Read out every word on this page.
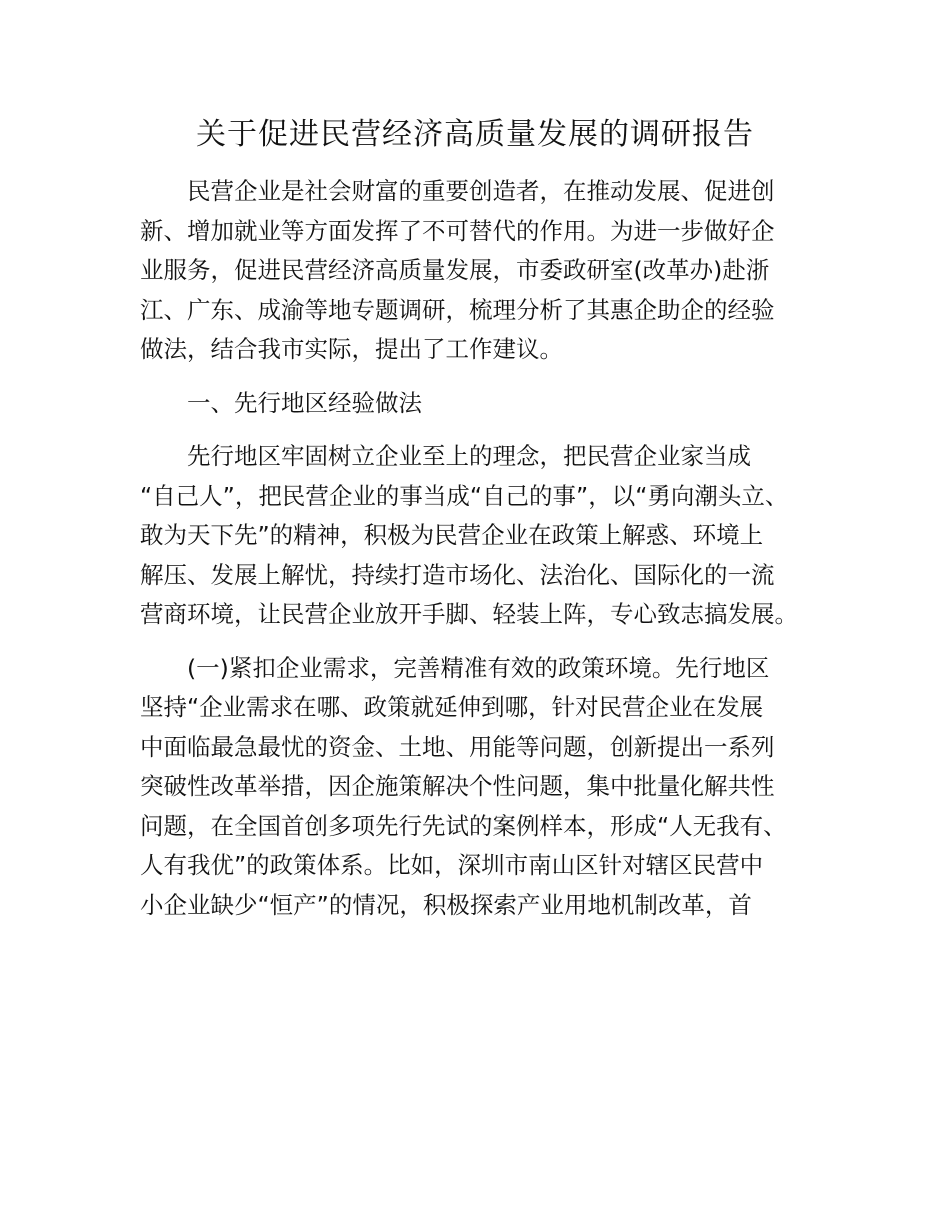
关于促进民营经济高质量发展的调研报告

民营企业是社会财富的重要创造者，在推动发展、促进创
新、增加就业等方面发挥了不可替代的作用。为进一步做好企
业服务，促进民营经济高质量发展，市委政研室(改革办)赴浙
江、广东、成渝等地专题调研，梳理分析了其惠企助企的经验
做法，结合我市实际，提出了工作建议。

一、先行地区经验做法

先行地区牢固树立企业至上的理念，把民营企业家当成
“自己人”，把民营企业的事当成“自己的事”，以“勇向潮头立、
敢为天下先”的精神，积极为民营企业在政策上解惑、环境上
解压、发展上解忧，持续打造市场化、法治化、国际化的一流
营商环境，让民营企业放开手脚、轻装上阵，专心致志搞发展。

(一)紧扣企业需求，完善精准有效的政策环境。先行地区
坚持“企业需求在哪、政策就延伸到哪，针对民营企业在发展
中面临最急最忧的资金、土地、用能等问题，创新提出一系列
突破性改革举措，因企施策解决个性问题，集中批量化解共性
问题，在全国首创多项先行先试的案例样本，形成“人无我有、
人有我优”的政策体系。比如，深圳市南山区针对辖区民营中
小企业缺少“恒产”的情况，积极探索产业用地机制改革，首
